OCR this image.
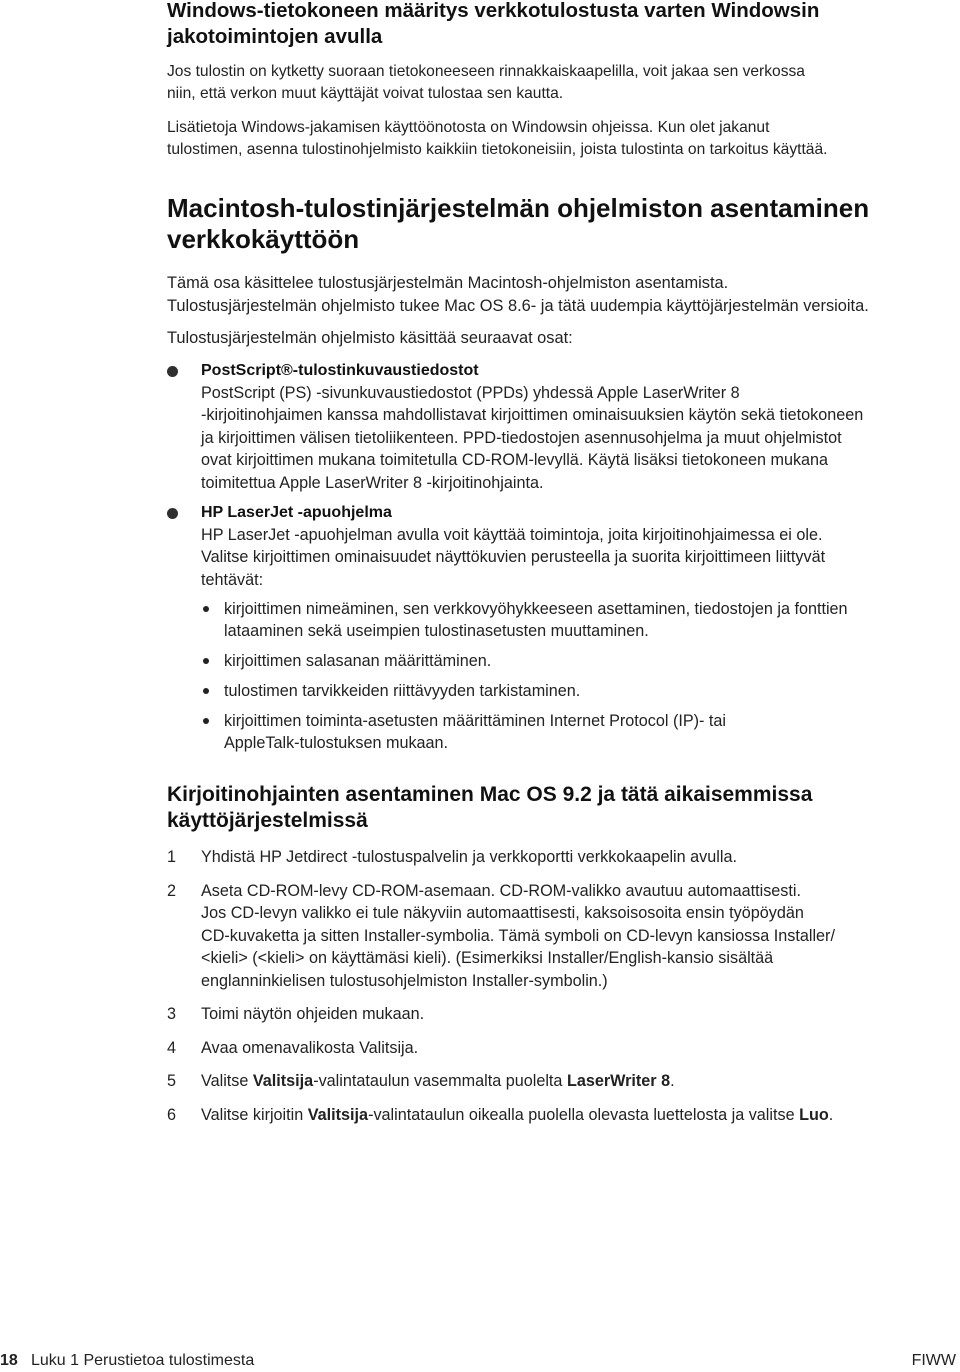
Windows-tietokoneen määritys verkkotulostusta varten Windowsin
jakotoimintojen avulla
Jos tulostin on kytketty suoraan tietokoneeseen rinnakkaiskaapelilla, voit jakaa sen verkossa
niin, että verkon muut käyttäjät voivat tulostaa sen kautta.
Lisätietoja Windows-jakamisen käyttöönotosta on Windowsin ohjeissa. Kun olet jakanut
tulostimen, asenna tulostinohjelmisto kaikkiin tietokoneisiin, joista tulostinta on tarkoitus käyttää.
Macintosh-tulostinjärjestelmän ohjelmiston asentaminen
verkkokäyttöön
Tämä osa käsittelee tulostusjärjestelmän Macintosh-ohjelmiston asentamista.
Tulostusjärjestelmän ohjelmisto tukee Mac OS 8.6- ja tätä uudempia käyttöjärjestelmän versioita.
Tulostusjärjestelmän ohjelmisto käsittää seuraavat osat:
PostScript®-tulostinkuvaustiedostot
PostScript (PS) -sivunkuvaustiedostot (PPDs) yhdessä Apple LaserWriter 8
-kirjoitinohjaimen kanssa mahdollistavat kirjoittimen ominaisuuksien käytön sekä tietokoneen
ja kirjoittimen välisen tietoliikenteen. PPD-tiedostojen asennusohjelma ja muut ohjelmistot
ovat kirjoittimen mukana toimitetulla CD-ROM-levyllä. Käytä lisäksi tietokoneen mukana
toimitettua Apple LaserWriter 8 -kirjoitinohjainta.
HP LaserJet -apuohjelma
HP LaserJet -apuohjelman avulla voit käyttää toimintoja, joita kirjoitinohjaimessa ei ole.
Valitse kirjoittimen ominaisuudet näyttökuvien perusteella ja suorita kirjoittimeen liittyvät
tehtävät:
kirjoittimen nimeäminen, sen verkkovyöhykkeeseen asettaminen, tiedostojen ja fonttien
lataaminen sekä useimpien tulostinasetusten muuttaminen.
kirjoittimen salasanan määrittäminen.
tulostimen tarvikkeiden riittävyyden tarkistaminen.
kirjoittimen toiminta-asetusten määrittäminen Internet Protocol (IP)- tai
AppleTalk-tulostuksen mukaan.
Kirjoitinohjainten asentaminen Mac OS 9.2 ja tätä aikaisemmissa
käyttöjärjestelmissä
1 Yhdistä HP Jetdirect -tulostuspalvelin ja verkkoportti verkkokaapelin avulla.
2 Aseta CD-ROM-levy CD-ROM-asemaan. CD-ROM-valikko avautuu automaattisesti.
Jos CD-levyn valikko ei tule näkyviin automaattisesti, kaksoisosoita ensin työpöydän
CD-kuvaketta ja sitten Installer-symbolia. Tämä symboli on CD-levyn kansiossa Installer/
<kieli> (<kieli> on käyttämäsi kieli). (Esimerkiksi Installer/English-kansio sisältää
englanninkielisen tulostusohjelmiston Installer-symbolin.)
3 Toimi näytön ohjeiden mukaan.
4 Avaa omenavalikosta Valitsija.
5 Valitse Valitsija-valintataulun vasemmalta puolelta LaserWriter 8.
6 Valitse kirjoitin Valitsija-valintataulun oikealla puolella olevasta luettelosta ja valitse Luo.
18 Luku 1 Perustietoa tulostimesta	FIWW
